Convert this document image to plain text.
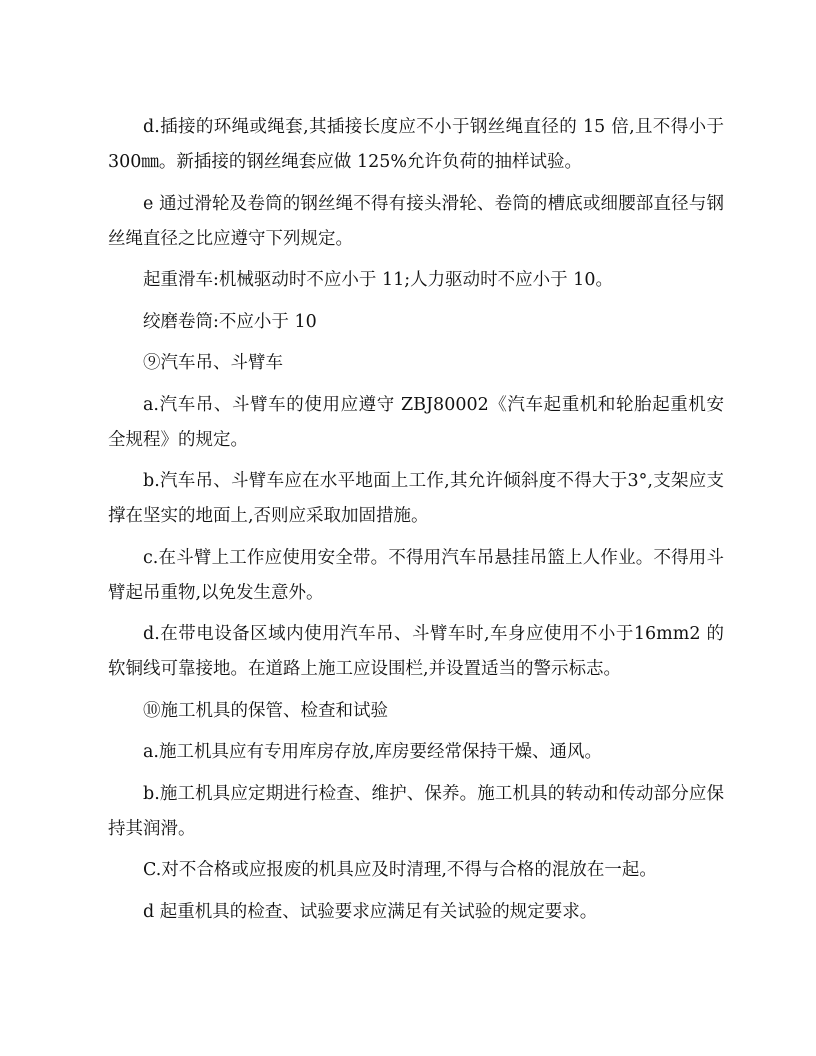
d.插接的环绳或绳套,其插接长度应不小于钢丝绳直径的 15 倍,且不得小于 300㎜。新插接的钢丝绳套应做 125%允许负荷的抽样试验。

e 通过滑轮及卷筒的钢丝绳不得有接头滑轮、卷筒的槽底或细腰部直径与钢丝绳直径之比应遵守下列规定。

起重滑车:机械驱动时不应小于 11;人力驱动时不应小于 10。

绞磨卷筒:不应小于 10

⑨汽车吊、斗臂车

a.汽车吊、斗臂车的使用应遵守 ZBJ80002《汽车起重机和轮胎起重机安全规程》的规定。

b.汽车吊、斗臂车应在水平地面上工作,其允许倾斜度不得大于3°,支架应支撑在坚实的地面上,否则应采取加固措施。

c.在斗臂上工作应使用安全带。不得用汽车吊悬挂吊篮上人作业。不得用斗臂起吊重物,以免发生意外。

d.在带电设备区域内使用汽车吊、斗臂车时,车身应使用不小于16mm2 的软铜线可靠接地。在道路上施工应设围栏,并设置适当的警示标志。

⑩施工机具的保管、检查和试验

a.施工机具应有专用库房存放,库房要经常保持干燥、通风。

b.施工机具应定期进行检查、维护、保养。施工机具的转动和传动部分应保持其润滑。

C.对不合格或应报废的机具应及时清理,不得与合格的混放在一起。

d 起重机具的检查、试验要求应满足有关试验的规定要求。
